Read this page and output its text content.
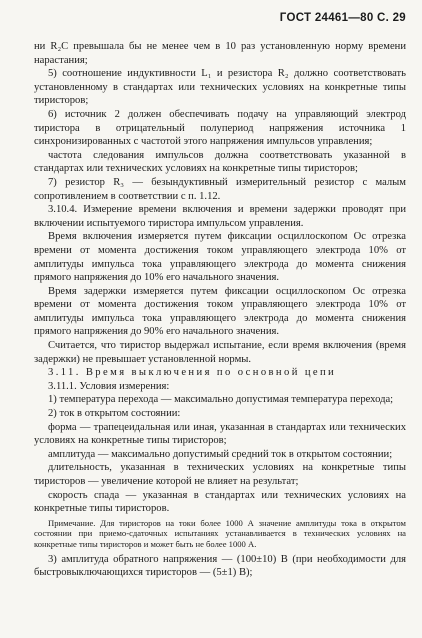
ГОСТ 24461—80 С. 29

ни R₂C превышала бы не менее чем в 10 раз установленную норму времени нарастания;

5) соотношение индуктивности L₁ и резистора R₂ должно соответствовать установленному в стандартах или технических условиях на конкретные типы тиристоров;

6) источник 2 должен обеспечивать подачу на управляющий электрод тиристора в отрицательный полупериод напряжения источника 1 синхронизированных с частотой этого напряжения импульсов управления;

частота следования импульсов должна соответствовать указанной в стандартах или технических условиях на конкретные типы тиристоров;

7) резистор R₃ — безындуктивный измерительный резистор с малым сопротивлением в соответствии с п. 1.12.

3.10.4. Измерение времени включения и времени задержки проводят при включении испытуемого тиристора импульсом управления.

Время включения измеряется путем фиксации осциллоскопом Ос отрезка времени от момента достижения током управляющего электрода 10% от амплитуды импульса тока управляющего электрода до момента снижения прямого напряжения до 10% его начального значения.

Время задержки измеряется путем фиксации осциллоскопом Ос отрезка времени от момента достижения током управляющего электрода 10% от амплитуды импульса тока управляющего электрода до момента снижения прямого напряжения до 90% его начального значения.

Считается, что тиристор выдержал испытание, если время включения (время задержки) не превышает установленной нормы.

3.11. Время выключения по основной цепи

3.11.1. Условия измерения:

1) температура перехода — максимально допустимая температура перехода;

2) ток в открытом состоянии:

форма — трапецеидальная или иная, указанная в стандартах или технических условиях на конкретные типы тиристоров;

амплитуда — максимально допустимый средний ток в открытом состоянии;

длительность, указанная в технических условиях на конкретные типы тиристоров — увеличение которой не влияет на результат;

скорость спада — указанная в стандартах или технических условиях на конкретные типы тиристоров.

Примечание. Для тиристоров на токи более 1000 А значение амплитуды тока в открытом состоянии при приемо-сдаточных испытаниях устанавливается в технических условиях на конкретные типы тиристоров и может быть не более 1000 А.

3) амплитуда обратного напряжения — (100±10) В (при необходимости для быстровыключающихся тиристоров — (5±1) В);
